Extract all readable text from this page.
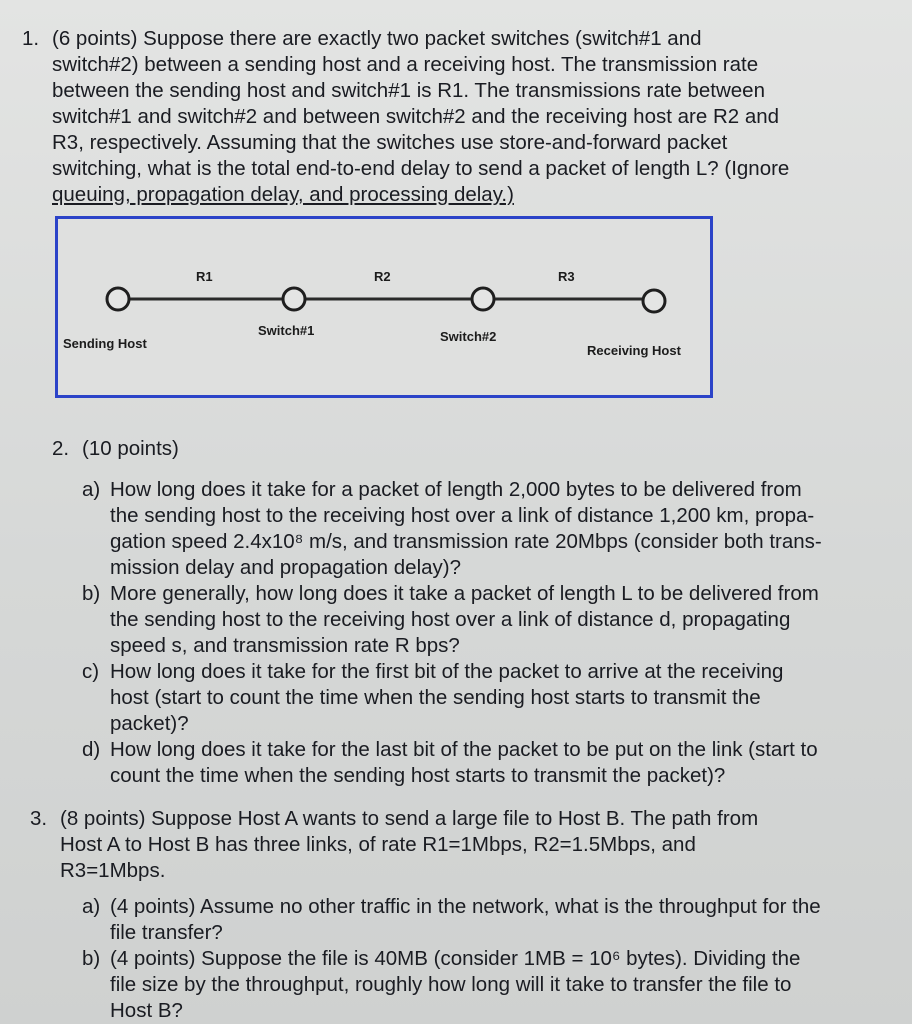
1. (6 points) Suppose there are exactly two packet switches (switch#1 and
switch#2) between a sending host and a receiving host. The transmission rate
between the sending host and switch#1 is R1. The transmissions rate between
switch#1 and switch#2 and between switch#2 and the receiving host are R2 and
R3, respectively. Assuming that the switches use store-and-forward packet
switching, what is the total end-to-end delay to send a packet of length L? (Ignore
queuing, propagation delay, and processing delay.)
R1	R2	R3
Sending Host
Switch#1	Switch#2
Receiving Host
2. (10 points)
a) How long does it take for a packet of length 2,000 bytes to be delivered from
the sending host to the receiving host over a link of distance 1,200 km, propa-
gation speed 2.4x10⁸ m/s, and transmission rate 20Mbps (consider both trans-
mission delay and propagation delay)?
b) More generally, how long does it take a packet of length L to be delivered from
the sending host to the receiving host over a link of distance d, propagating
speed s, and transmission rate R bps?
c) How long does it take for the first bit of the packet to arrive at the receiving
host (start to count the time when the sending host starts to transmit the
packet)?
d) How long does it take for the last bit of the packet to be put on the link (start to
count the time when the sending host starts to transmit the packet)?
3. (8 points) Suppose Host A wants to send a large file to Host B. The path from
Host A to Host B has three links, of rate R1=1Mbps, R2=1.5Mbps, and
R3=1Mbps.
a) (4 points) Assume no other traffic in the network, what is the throughput for the
file transfer?
b) (4 points) Suppose the file is 40MB (consider 1MB = 10⁶ bytes). Dividing the
file size by the throughput, roughly how long will it take to transfer the file to
Host B?
